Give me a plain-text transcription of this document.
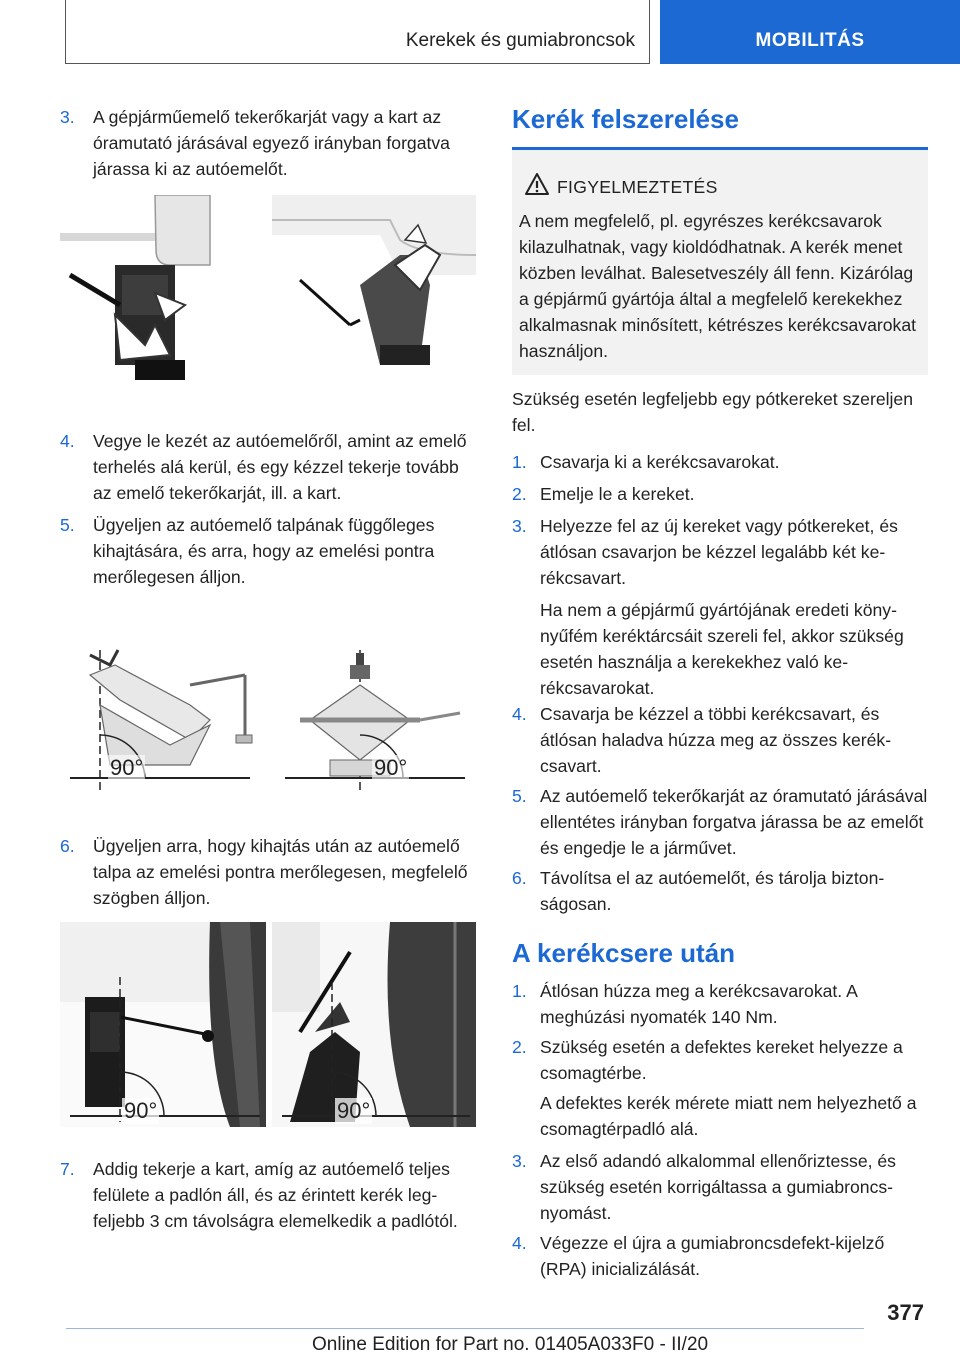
Kerekek és gumiabroncsok	MOBILITÁS
3. A gépjárműemelő tekerőkarját vagy a kart az óramutató járásával egyező irányban forgatva járassa ki az autóemelőt.
4. Vegye le kezét az autóemelőről, amint az emelő terhelés alá kerül, és egy kézzel tekerje tovább az emelő tekerőkarját, ill. a kart.
5. Ügyeljen az autóemelő talpának függőleges kihajtására, és arra, hogy az emelési pontra merőlegesen álljon.
90°	90°
6. Ügyeljen arra, hogy kihajtás után az autóemelő talpa az emelési pontra merőlegesen, megfelelő szögben álljon.
90°	90°
7. Addig tekerje a kart, amíg az autóemelő teljes felülete a padlón áll, és az érintett kerék legfeljebb 3 cm távolságra elemelkedik a padlótól.
Kerék felszerelése
FIGYELMEZTETÉS
A nem megfelelő, pl. egyrészes kerékcsavarok kilazulhatnak, vagy kioldódhatnak. A kerék menet közben leválhat. Balesetveszély áll fenn. Kizárólag a gépjármű gyártója által a megfelelő kerekekhez alkalmasnak minősített, kétrészes kerékcsavarokat használjon.
Szükség esetén legfeljebb egy pótkereket szereljen fel.
1. Csavarja ki a kerékcsavarokat.
2. Emelje le a kereket.
3. Helyezze fel az új kereket vagy pótkereket, és átlósan csavarjon be kézzel legalább két kerékcsavart.
Ha nem a gépjármű gyártójának eredeti könynyűfém keréktárcsáit szereli fel, akkor szükség esetén használja a kerekekhez való kerékcsavarokat.
4. Csavarja be kézzel a többi kerékcsavart, és átlósan haladva húzza meg az összes kerékcsavart.
5. Az autóemelő tekerőkarját az óramutató járásával ellentétes irányban forgatva járassa be az emelőt és engedje le a járművet.
6. Távolítsa el az autóemelőt, és tárolja biztonságosan.
A kerékcsere után
1. Átlósan húzza meg a kerékcsavarokat. A meghúzási nyomaték 140 Nm.
2. Szükség esetén a defektes kereket helyezze a csomagtérbe.
A defektes kerék mérete miatt nem helyezhető a csomagtérpadló alá.
3. Az első adandó alkalommal ellenőriztesse, és szükség esetén korrigáltassa a gumiabroncsnyomást.
4. Végezze el újra a gumiabroncsdefekt-kijelző (RPA) inicializálását.
377
Online Edition for Part no. 01405A033F0 - II/20
